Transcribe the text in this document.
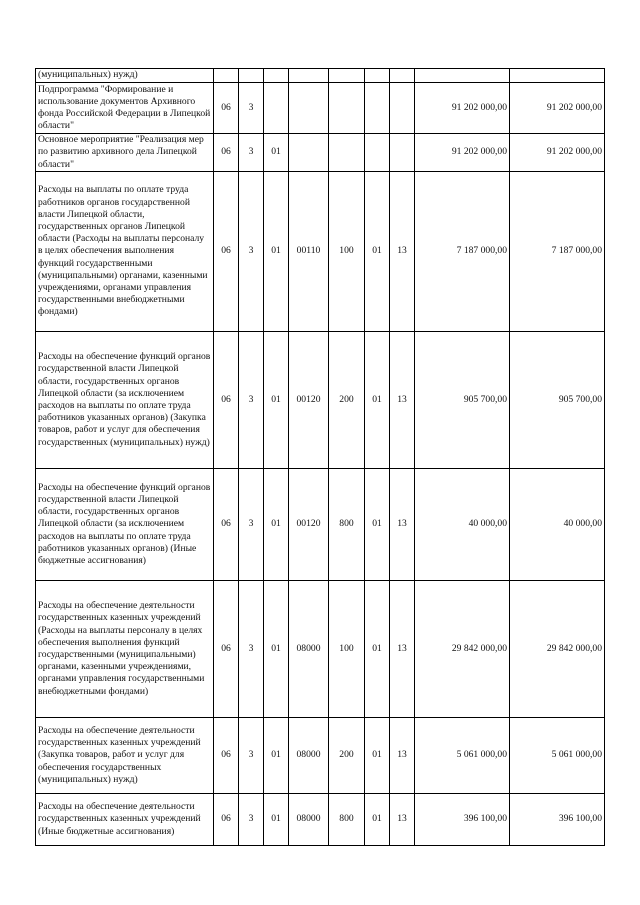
(муниципальных) нужд)									
Подпрограмма "Формирование и использование документов Архивного фонда Российской Федерации в Липецкой области"	06	3						91 202 000,00	91 202 000,00
Основное мероприятие "Реализация мер по развитию архивного дела Липецкой области"	06	3	01					91 202 000,00	91 202 000,00
Расходы на выплаты по оплате труда работников органов государственной власти Липецкой области, государственных органов Липецкой области (Расходы на выплаты персоналу в целях обеспечения выполнения функций государственными (муниципальными) органами, казенными учреждениями, органами управления государственными внебюджетными фондами)	06	3	01	00110	100	01	13	7 187 000,00	7 187 000,00
Расходы на обеспечение функций органов государственной власти Липецкой области, государственных органов Липецкой области (за исключением расходов на выплаты по оплате труда работников указанных органов) (Закупка товаров, работ и услуг для обеспечения государственных (муниципальных) нужд)	06	3	01	00120	200	01	13	905 700,00	905 700,00
Расходы на обеспечение функций органов государственной власти Липецкой области, государственных органов Липецкой области (за исключением расходов на выплаты по оплате труда работников указанных органов) (Иные бюджетные ассигнования)	06	3	01	00120	800	01	13	40 000,00	40 000,00
Расходы на обеспечение деятельности государственных казенных учреждений (Расходы на выплаты персоналу в целях обеспечения выполнения функций государственными (муниципальными) органами, казенными учреждениями, органами управления государственными внебюджетными фондами)	06	3	01	08000	100	01	13	29 842 000,00	29 842 000,00
Расходы на обеспечение деятельности государственных казенных учреждений (Закупка товаров, работ и услуг для обеспечения государственных (муниципальных) нужд)	06	3	01	08000	200	01	13	5 061 000,00	5 061 000,00
Расходы на обеспечение деятельности государственных казенных учреждений (Иные бюджетные ассигнования)	06	3	01	08000	800	01	13	396 100,00	396 100,00
